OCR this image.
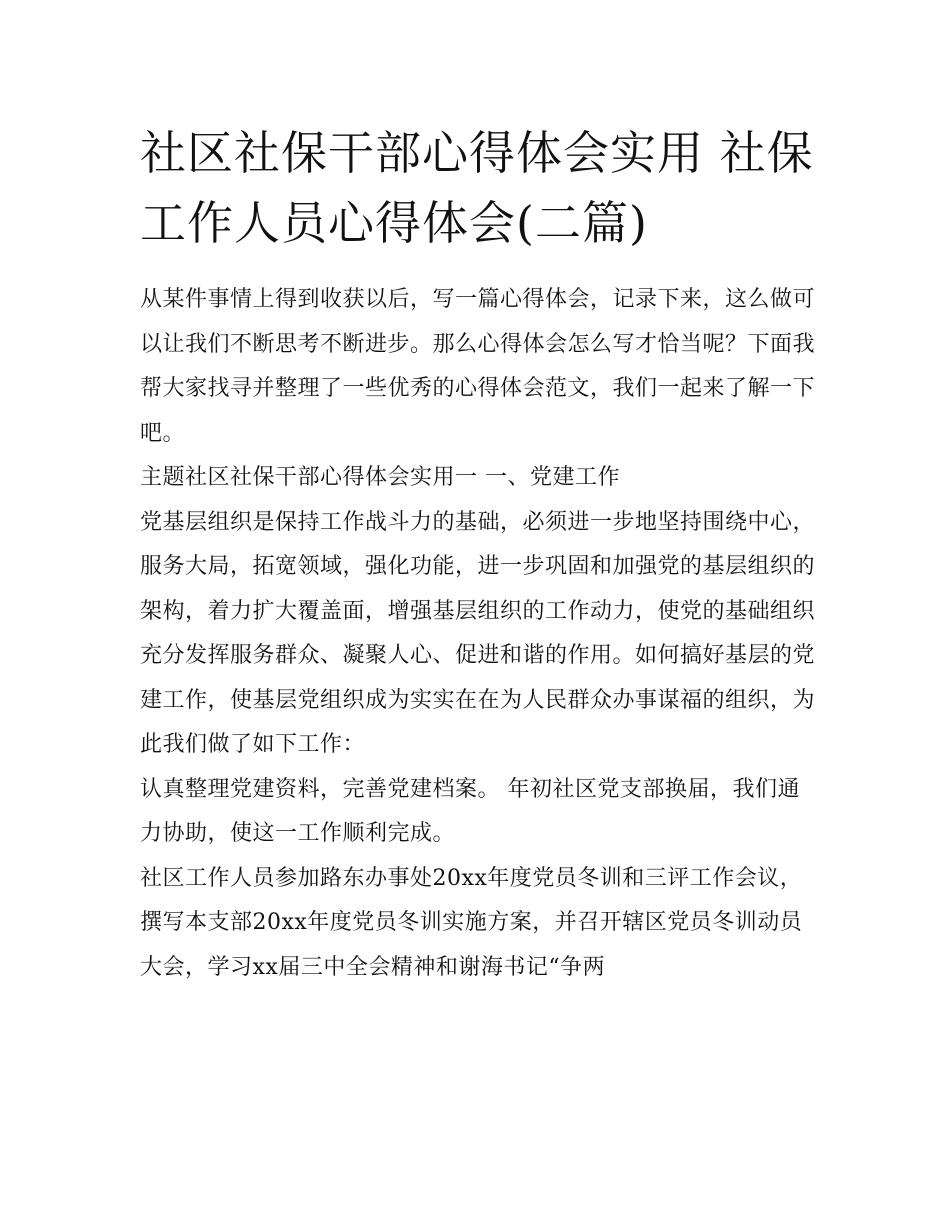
社区社保干部心得体会实用 社保工作人员心得体会(二篇)

从某件事情上得到收获以后，写一篇心得体会，记录下来，这么做可以让我们不断思考不断进步。那么心得体会怎么写才恰当呢？下面我帮大家找寻并整理了一些优秀的心得体会范文，我们一起来了解一下吧。

主题社区社保干部心得体会实用一 一、党建工作

党基层组织是保持工作战斗力的基础，必须进一步地坚持围绕中心，服务大局，拓宽领域，强化功能，进一步巩固和加强党的基层组织的架构，着力扩大覆盖面，增强基层组织的工作动力，使党的基础组织充分发挥服务群众、凝聚人心、促进和谐的作用。如何搞好基层的党建工作，使基层党组织成为实实在在为人民群众办事谋福的组织，为此我们做了如下工作：

认真整理党建资料，完善党建档案。 年初社区党支部换届，我们通力协助，使这一工作顺利完成。

社区工作人员参加路东办事处20xx年度党员冬训和三评工作会议，撰写本支部20xx年度党员冬训实施方案，并召开辖区党员冬训动员大会，学习xx届三中全会精神和谢海书记“争两
